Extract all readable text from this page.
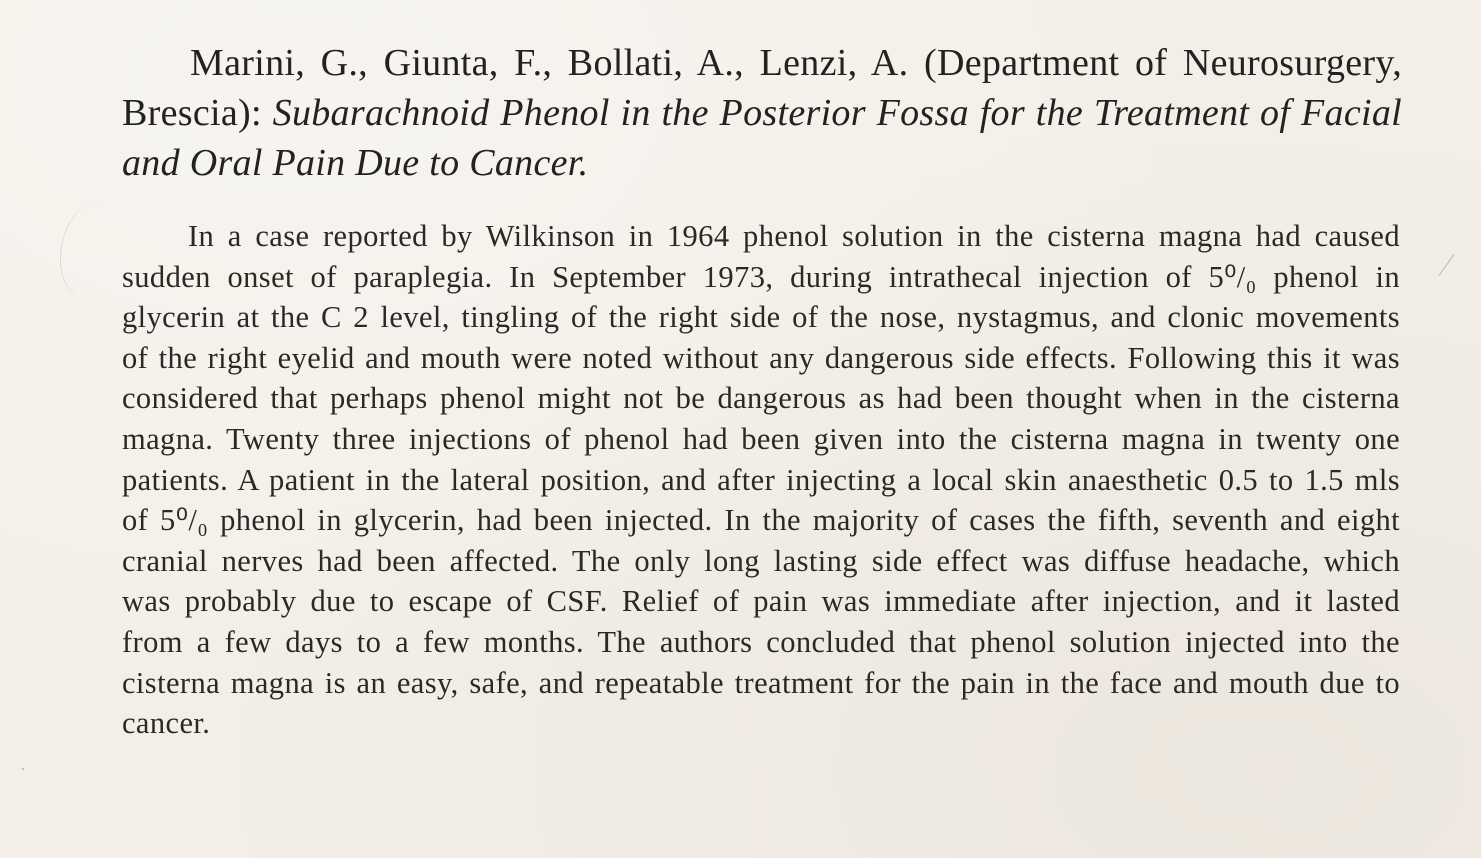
Marini, G., Giunta, F., Bollati, A., Lenzi, A. (Department of Neurosurgery, Brescia): Subarachnoid Phenol in the Posterior Fossa for the Treatment of Facial and Oral Pain Due to Cancer.

In a case reported by Wilkinson in 1964 phenol solution in the cisterna magna had caused sudden onset of paraplegia. In September 1973, during intrathecal injection of 5⁰/₀ phenol in glycerin at the C 2 level, tingling of the right side of the nose, nystagmus, and clonic movements of the right eyelid and mouth were noted without any dangerous side effects. Following this it was considered that perhaps phenol might not be dangerous as had been thought when in the cisterna magna. Twenty three injections of phenol had been given into the cisterna magna in twenty one patients. A patient in the lateral position, and after injecting a local skin anaesthetic 0.5 to 1.5 mls of 5⁰/₀ phenol in glycerin, had been injected. In the majority of cases the fifth, seventh and eight cranial nerves had been affected. The only long lasting side effect was diffuse headache, which was probably due to escape of CSF. Relief of pain was immediate after injection, and it lasted from a few days to a few months. The authors concluded that phenol solution injected into the cisterna magna is an easy, safe, and repeatable treatment for the pain in the face and mouth due to cancer.
